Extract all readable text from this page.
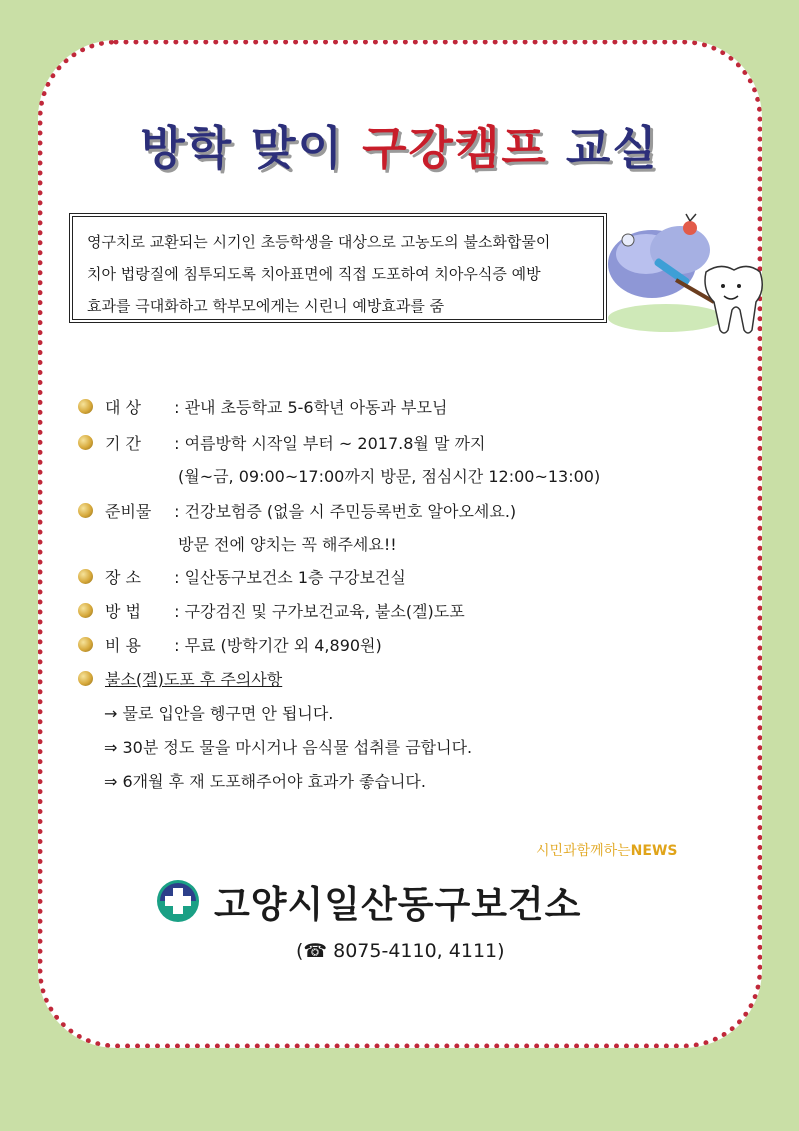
방학 맞이 구강캠프 교실
영구치로 교환되는 시기인 초등학생을 대상으로 고농도의 불소화합물이
치아 법랑질에 침투되도록 치아표면에 직접 도포하여 치아우식증 예방
효과를 극대화하고 학부모에게는 시린니 예방효과를 줌
대 상 : 관내 초등학교 5-6학년 아동과 부모님
기 간 : 여름방학 시작일 부터 ~ 2017.8월 말 까지
(월~금, 09:00~17:00까지 방문, 점심시간 12:00~13:00)
준비물 : 건강보험증 (없을 시 주민등록번호 알아오세요.)
방문 전에 양치는 꼭 해주세요!!
장 소 : 일산동구보건소 1층 구강보건실
방 법 : 구강검진 및 구가보건교육, 불소(겔)도포
비 용 : 무료 (방학기간 외 4,890원)
불소(겔)도포 후 주의사항
→ 물로 입안을 헹구면 안 됩니다.
⇒ 30분 정도 물을 마시거나 음식물 섭취를 금합니다.
⇒ 6개월 후 재 도포해주어야 효과가 좋습니다.
시민과함께하는NEWS
고양시일산동구보건소
(☎ 8075-4110, 4111)
